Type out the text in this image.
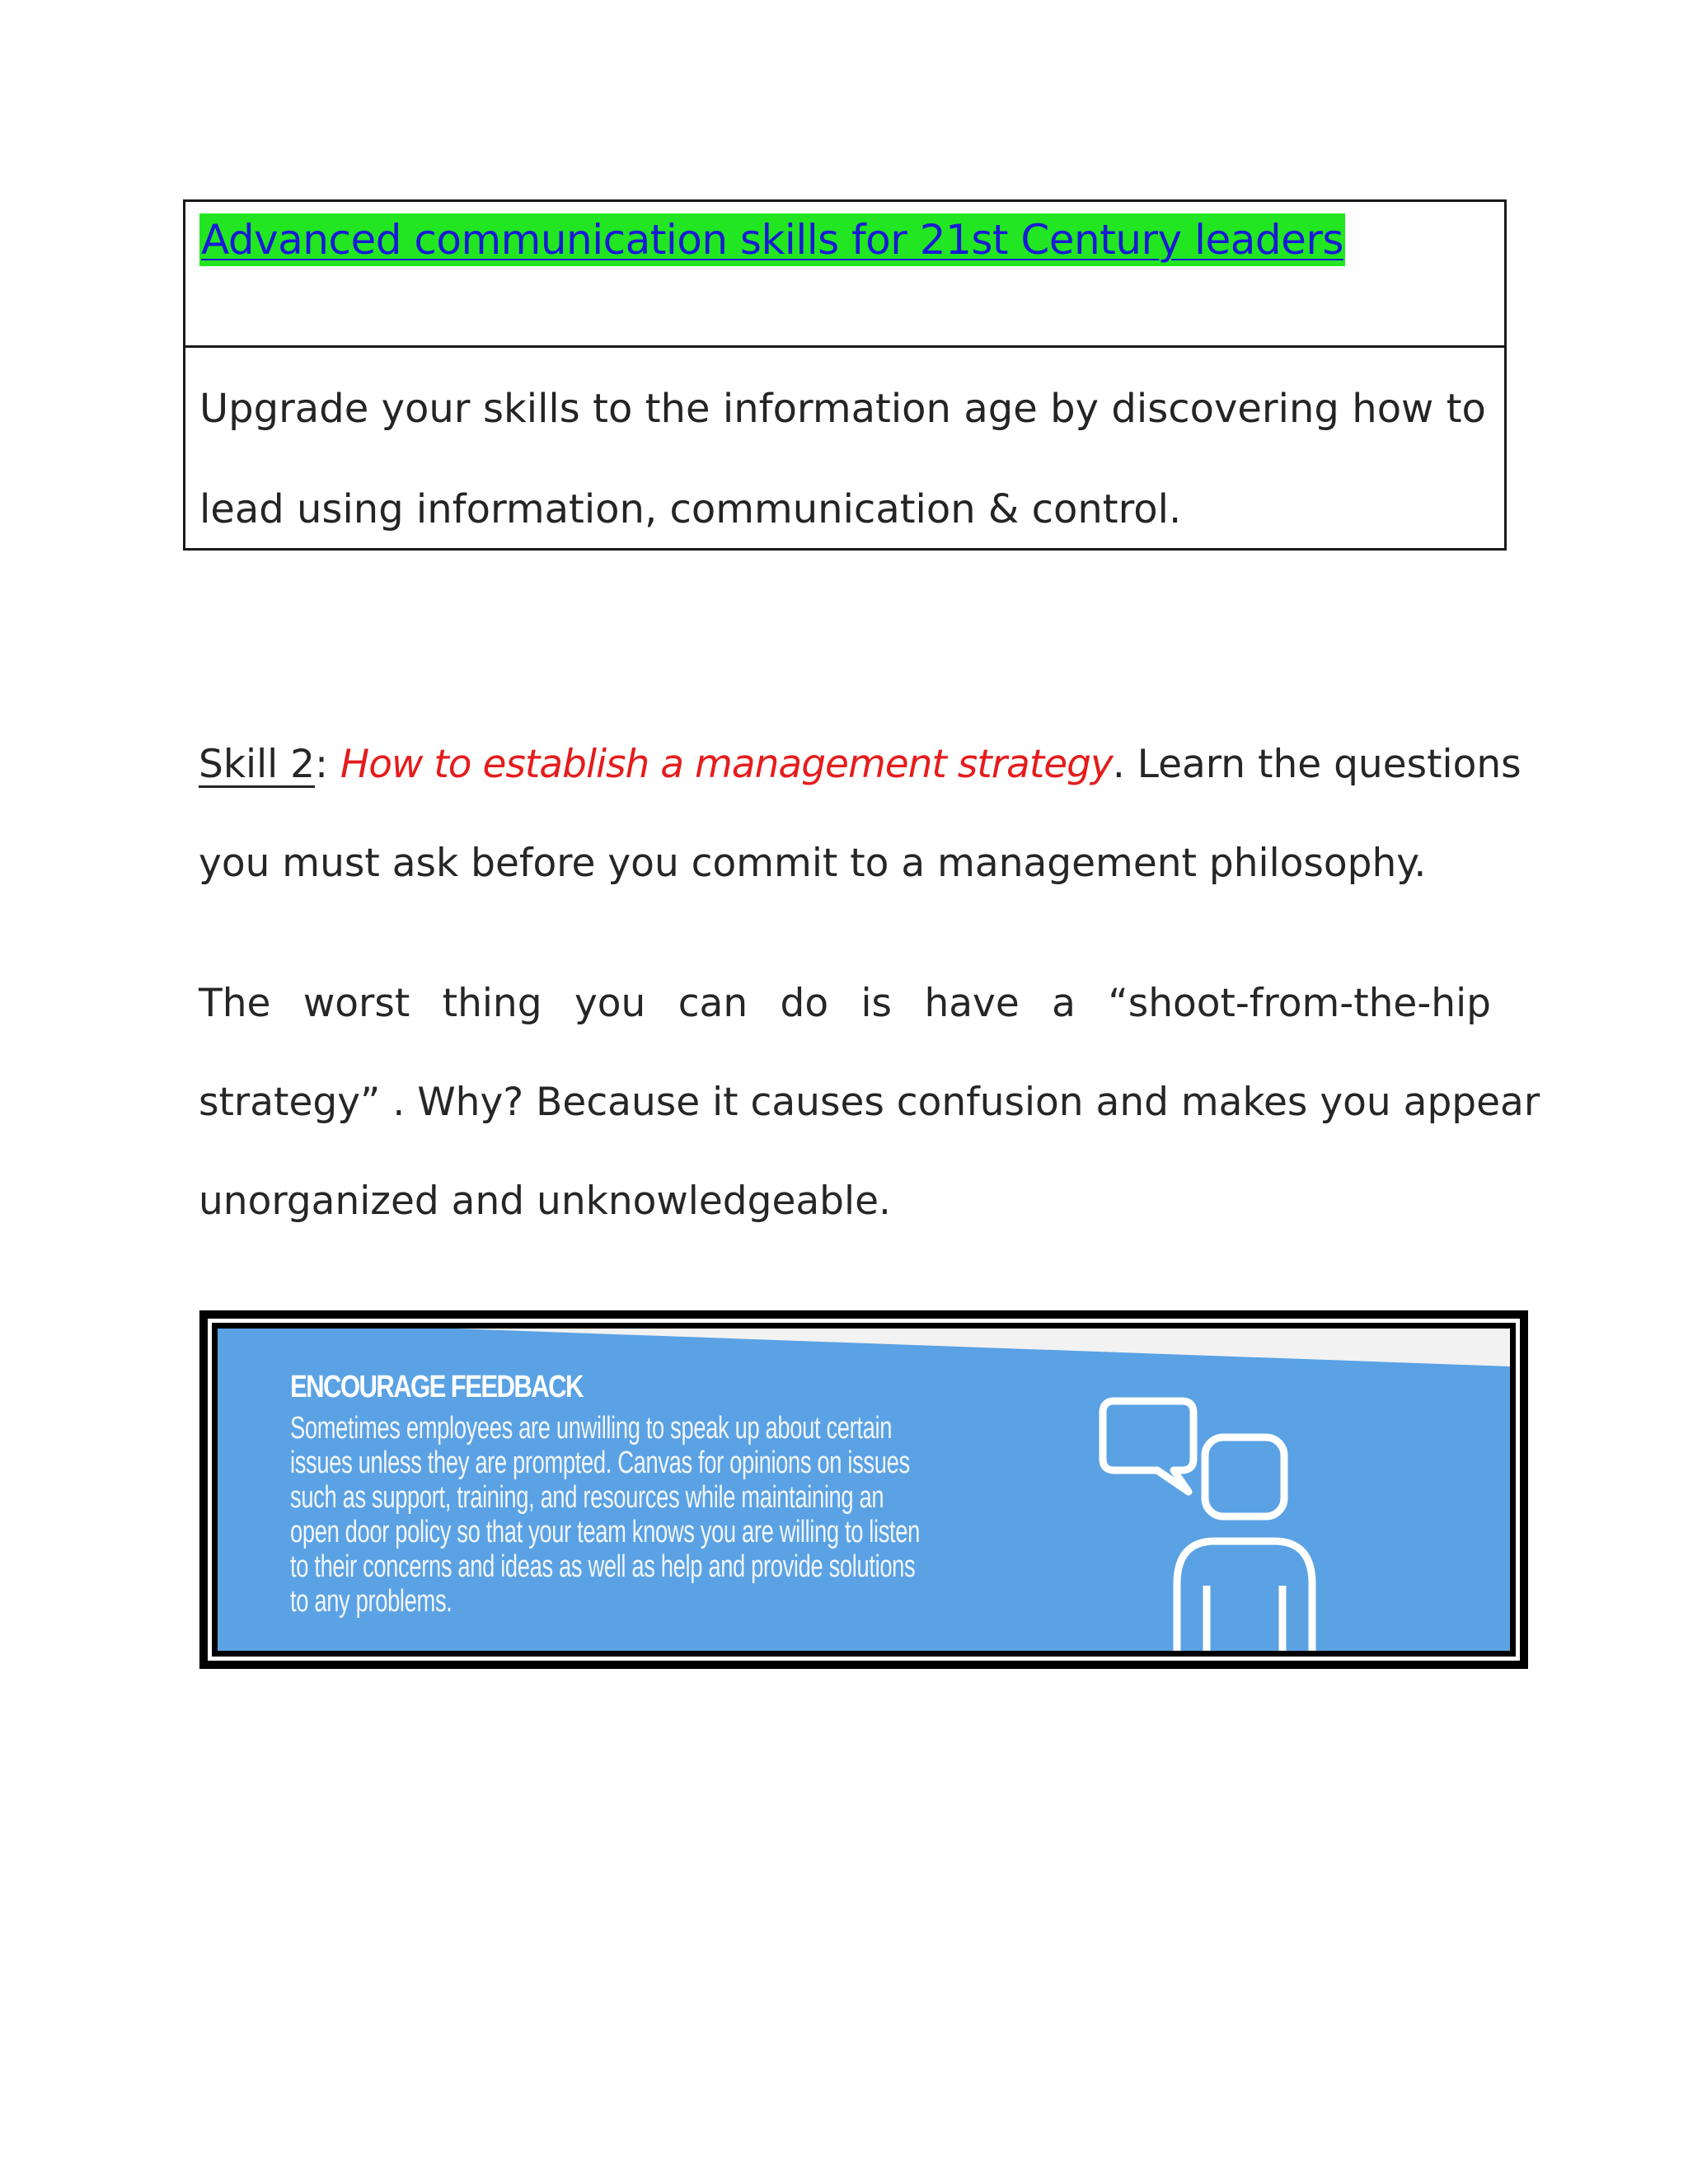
Advanced communication skills for 21st Century leaders
Upgrade your skills to the information age by discovering how to
lead using information, communication & control.
Skill 2: How to establish a management strategy. Learn the questions
you must ask before you commit to a management philosophy.
The worst thing you can do is have a “shoot-from-the-hip
strategy” . Why? Because it causes confusion and makes you appear
unorganized and unknowledgeable.
ENCOURAGE FEEDBACK
Sometimes employees are unwilling to speak up about certain
issues unless they are prompted. Canvas for opinions on issues
such as support, training, and resources while maintaining an
open door policy so that your team knows you are willing to listen
to their concerns and ideas as well as help and provide solutions
to any problems.
